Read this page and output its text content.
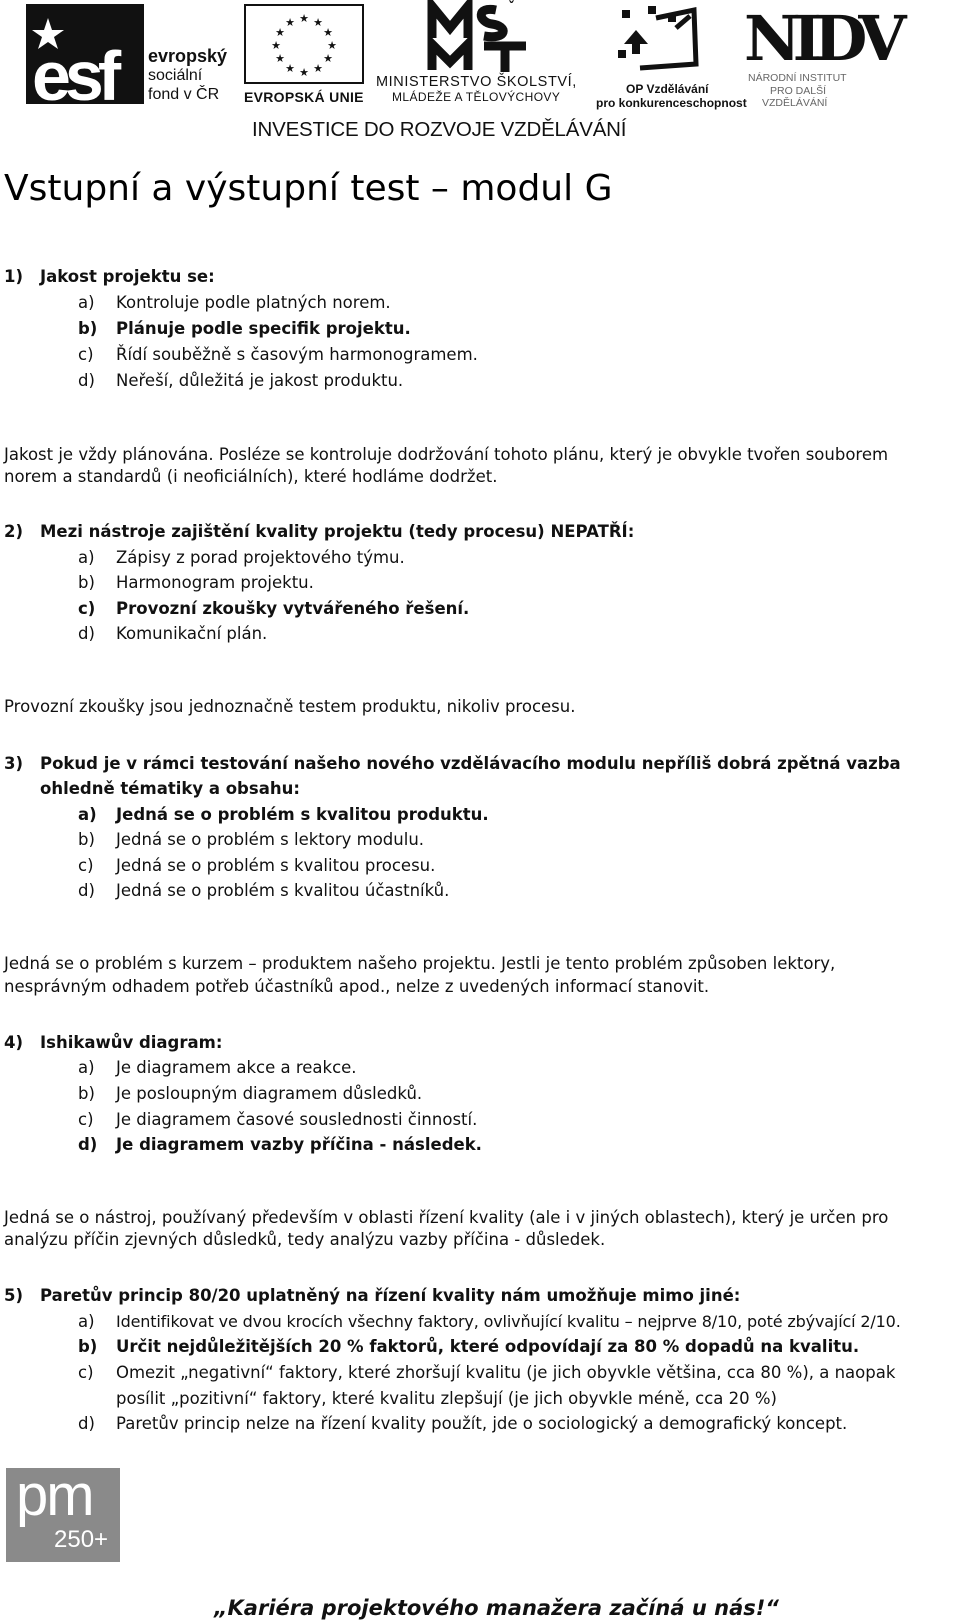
esf	evropský
sociální
fond v ČR
★ ★
★
★
★
★
★
★
★
★
★
★
EVROPSKÁ UNIE
ˇ
MINISTERSTVO ŠKOLSTVÍ,
MLÁDEŽE A TĚLOVÝCHOVY
OP Vzdělávání
pro konkurenceschopnost
NIDV
NÁRODNÍ INSTITUT
PRO DALŠÍ
VZDĚLÁVÁNÍ
INVESTICE DO ROZVOJE VZDĚLÁVÁNÍ
Vstupní a výstupní test – modul G
1) Jakost projektu se:
a) Kontroluje podle platných norem.
b) Plánuje podle specifik projektu.
c) Řídí souběžně s časovým harmonogramem.
d) Neřeší, důležitá je jakost produktu.
Jakost je vždy plánována. Posléze se kontroluje dodržování tohoto plánu, který je obvykle tvořen souborem
norem a standardů (i neoficiálních), které hodláme dodržet.
2) Mezi nástroje zajištění kvality projektu (tedy procesu) NEPATŘÍ:
a) Zápisy z porad projektového týmu.
b) Harmonogram projektu.
c) Provozní zkoušky vytvářeného řešení.
d) Komunikační plán.
Provozní zkoušky jsou jednoznačně testem produktu, nikoliv procesu.
3) Pokud je v rámci testování našeho nového vzdělávacího modulu nepříliš dobrá zpětná vazba
ohledně tématiky a obsahu:
a) Jedná se o problém s kvalitou produktu.
b) Jedná se o problém s lektory modulu.
c) Jedná se o problém s kvalitou procesu.
d) Jedná se o problém s kvalitou účastníků.
Jedná se o problém s kurzem – produktem našeho projektu. Jestli je tento problém způsoben lektory,
nesprávným odhadem potřeb účastníků apod., nelze z uvedených informací stanovit.
4) Ishikawův diagram:
a) Je diagramem akce a reakce.
b) Je posloupným diagramem důsledků.
c) Je diagramem časové souslednosti činností.
d) Je diagramem vazby příčina - následek.
Jedná se o nástroj, používaný především v oblasti řízení kvality (ale i v jiných oblastech), který je určen pro
analýzu příčin zjevných důsledků, tedy analýzu vazby příčina - důsledek.
5) Paretův princip 80/20 uplatněný na řízení kvality nám umožňuje mimo jiné:
a) Identifikovat ve dvou krocích všechny faktory, ovlivňující kvalitu – nejprve 8/10, poté zbývající 2/10.
b) Určit nejdůležitějších 20 % faktorů, které odpovídají za 80 % dopadů na kvalitu.
c) Omezit „negativní“ faktory, které zhoršují kvalitu (je jich obyvkle většina, cca 80 %), a naopak
posílit „pozitivní“ faktory, které kvalitu zlepšují (je jich obyvkle méně, cca 20 %)
d) Paretův princip nelze na řízení kvality použít, jde o sociologický a demografický koncept.
pm
250+
„Kariéra projektového manažera začíná u nás!“
